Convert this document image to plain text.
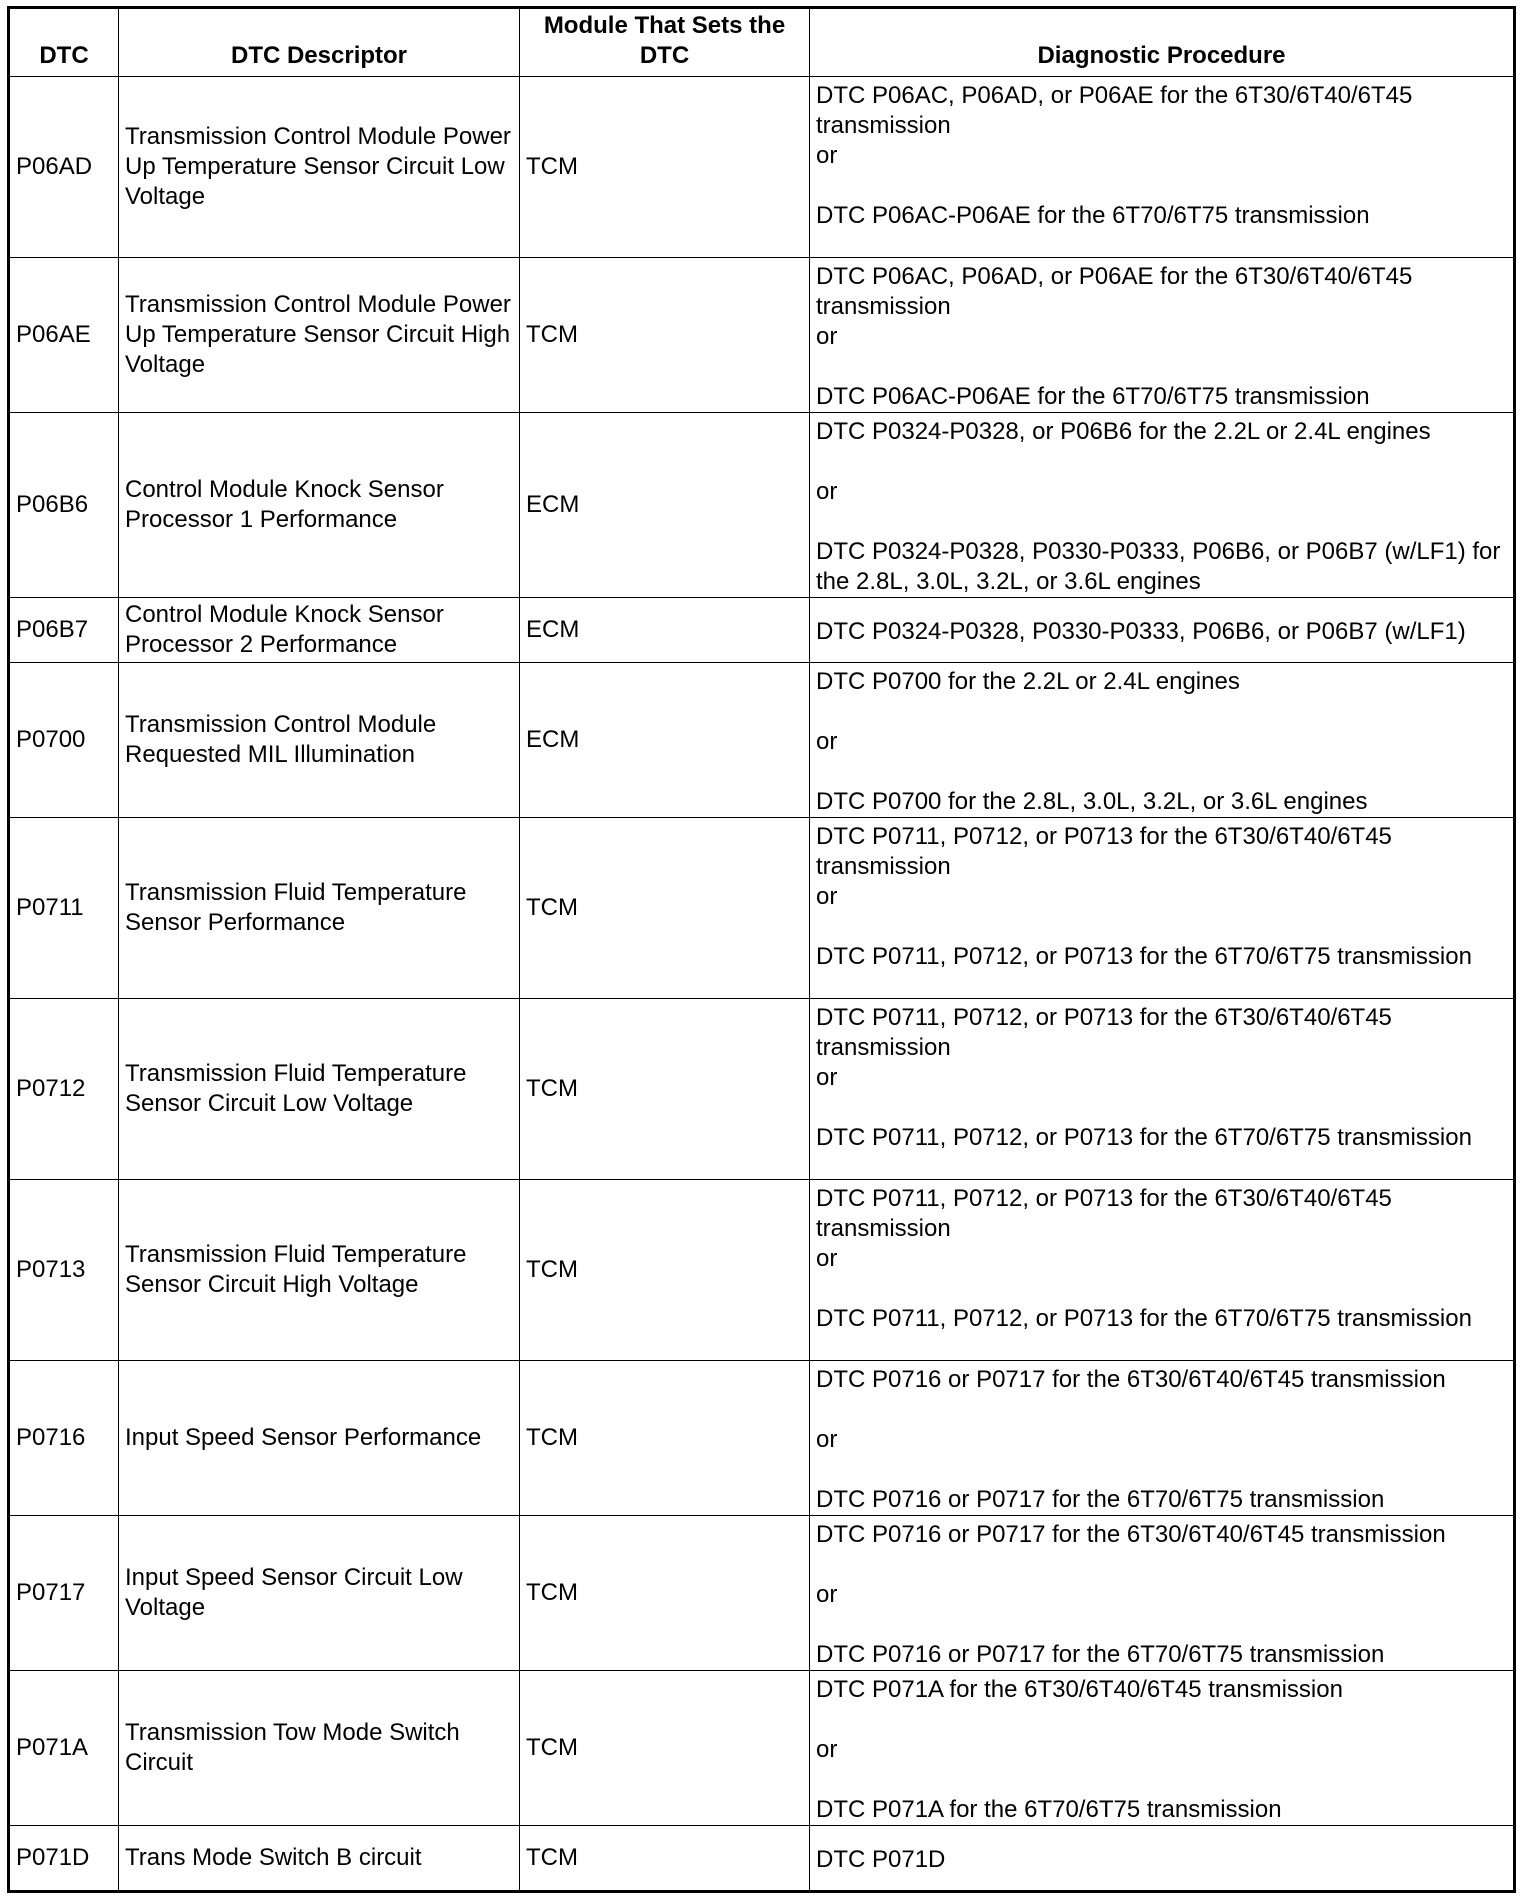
DTC	DTC Descriptor	Module That Sets the DTC	Diagnostic Procedure
P06AD	Transmission Control Module Power Up Temperature Sensor Circuit Low Voltage	TCM	DTC P06AC, P06AD, or P06AE for the 6T30/6T40/6T45 transmission
or
DTC P06AC-P06AE for the 6T70/6T75 transmission

P06AE	Transmission Control Module Power Up Temperature Sensor Circuit High Voltage	TCM	DTC P06AC, P06AD, or P06AE for the 6T30/6T40/6T45 transmission
or
DTC P06AC-P06AE for the 6T70/6T75 transmission

P06B6	Control Module Knock Sensor Processor 1 Performance	ECM	DTC P0324-P0328, or P06B6 for the 2.2L or 2.4L engines
or
DTC P0324-P0328, P0330-P0333, P06B6, or P06B7 (w/LF1) for the 2.8L, 3.0L, 3.2L, or 3.6L engines

P06B7	Control Module Knock Sensor Processor 2 Performance	ECM	DTC P0324-P0328, P0330-P0333, P06B6, or P06B7 (w/LF1)

P0700	Transmission Control Module Requested MIL Illumination	ECM	DTC P0700 for the 2.2L or 2.4L engines
or
DTC P0700 for the 2.8L, 3.0L, 3.2L, or 3.6L engines

P0711	Transmission Fluid Temperature Sensor Performance	TCM	DTC P0711, P0712, or P0713 for the 6T30/6T40/6T45 transmission
or
DTC P0711, P0712, or P0713 for the 6T70/6T75 transmission

P0712	Transmission Fluid Temperature Sensor Circuit Low Voltage	TCM	DTC P0711, P0712, or P0713 for the 6T30/6T40/6T45 transmission
or
DTC P0711, P0712, or P0713 for the 6T70/6T75 transmission

P0713	Transmission Fluid Temperature Sensor Circuit High Voltage	TCM	DTC P0711, P0712, or P0713 for the 6T30/6T40/6T45 transmission
or
DTC P0711, P0712, or P0713 for the 6T70/6T75 transmission

P0716	Input Speed Sensor Performance	TCM	DTC P0716 or P0717 for the 6T30/6T40/6T45 transmission
or
DTC P0716 or P0717 for the 6T70/6T75 transmission

P0717	Input Speed Sensor Circuit Low Voltage	TCM	DTC P0716 or P0717 for the 6T30/6T40/6T45 transmission
or
DTC P0716 or P0717 for the 6T70/6T75 transmission

P071A	Transmission Tow Mode Switch Circuit	TCM	DTC P071A for the 6T30/6T40/6T45 transmission
or
DTC P071A for the 6T70/6T75 transmission

P071D	Trans Mode Switch B circuit	TCM	DTC P071D
